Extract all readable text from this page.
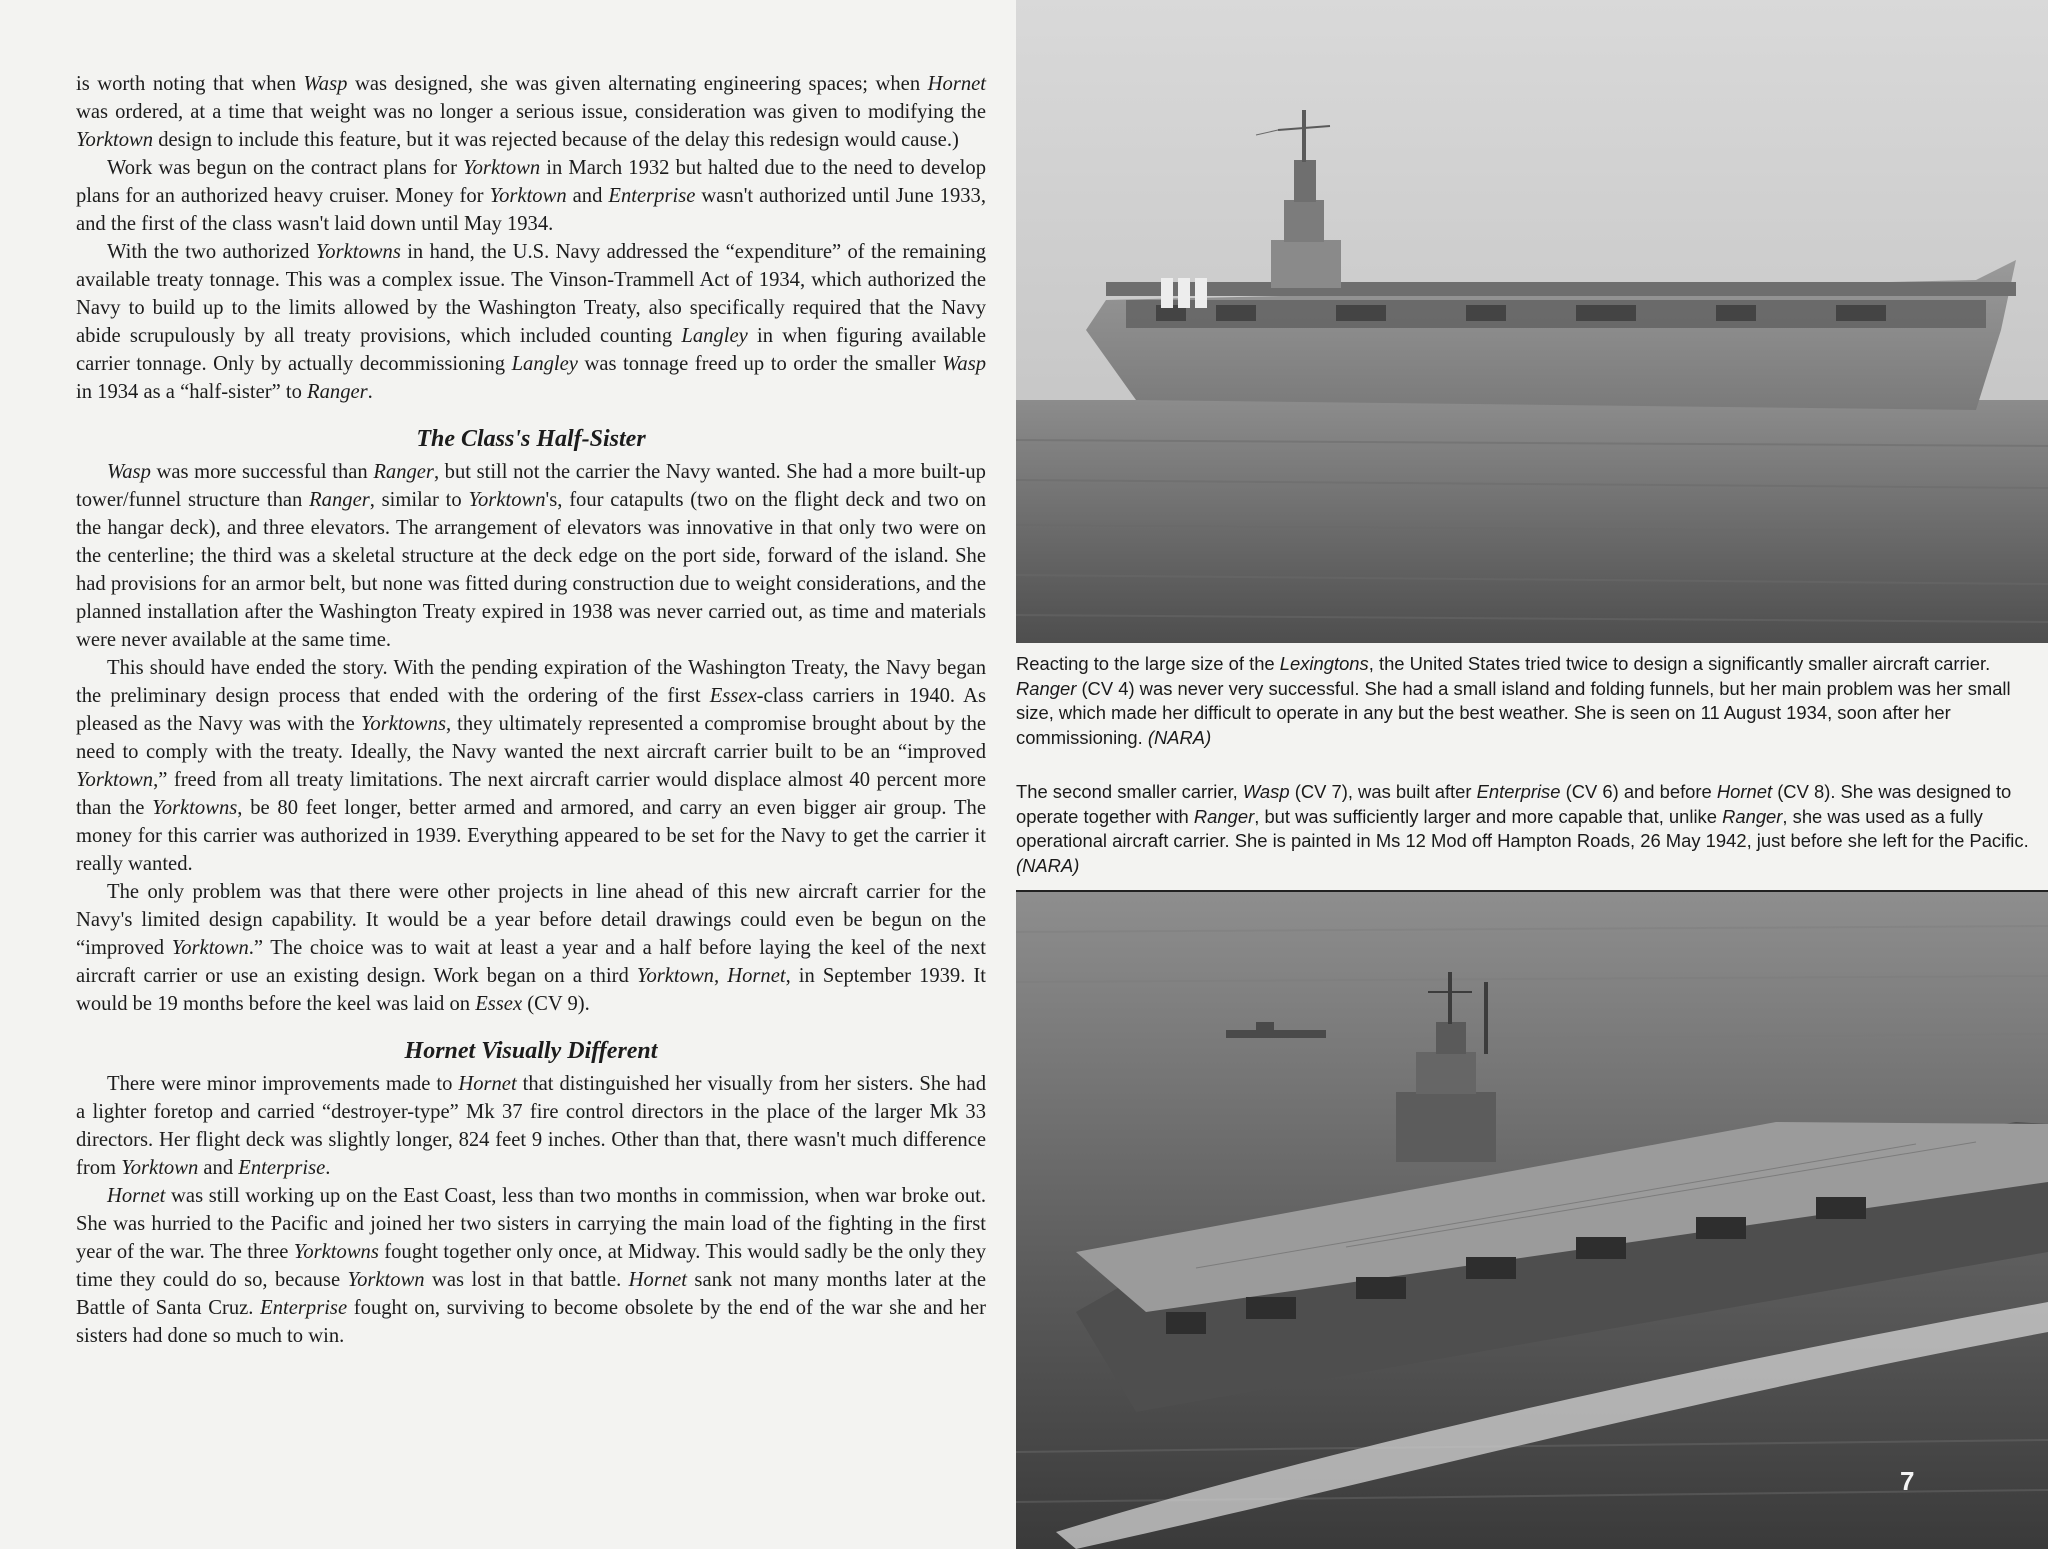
is worth noting that when Wasp was designed, she was given alternating engineering spaces; when Hornet was ordered, at a time that weight was no longer a serious issue, consideration was given to modifying the Yorktown design to include this feature, but it was rejected because of the delay this redesign would cause.)

Work was begun on the contract plans for Yorktown in March 1932 but halted due to the need to develop plans for an authorized heavy cruiser. Money for Yorktown and Enterprise wasn't authorized until June 1933, and the first of the class wasn't laid down until May 1934.

With the two authorized Yorktowns in hand, the U.S. Navy addressed the “expenditure” of the remaining available treaty tonnage. This was a complex issue. The Vinson-Trammell Act of 1934, which authorized the Navy to build up to the limits allowed by the Washington Treaty, also specifically required that the Navy abide scrupulously by all treaty provisions, which included counting Langley in when figuring available carrier tonnage. Only by actually decommissioning Langley was tonnage freed up to order the smaller Wasp in 1934 as a “half-sister” to Ranger.

The Class's Half-Sister

Wasp was more successful than Ranger, but still not the carrier the Navy wanted. She had a more built-up tower/funnel structure than Ranger, similar to Yorktown's, four catapults (two on the flight deck and two on the hangar deck), and three elevators. The arrangement of elevators was innovative in that only two were on the centerline; the third was a skeletal structure at the deck edge on the port side, forward of the island. She had provisions for an armor belt, but none was fitted during construction due to weight considerations, and the planned installation after the Washington Treaty expired in 1938 was never carried out, as time and materials were never available at the same time.

This should have ended the story. With the pending expiration of the Washington Treaty, the Navy began the preliminary design process that ended with the ordering of the first Essex-class carriers in 1940. As pleased as the Navy was with the Yorktowns, they ultimately represented a compromise brought about by the need to comply with the treaty. Ideally, the Navy wanted the next aircraft carrier built to be an “improved Yorktown,” freed from all treaty limitations. The next aircraft carrier would displace almost 40 percent more than the Yorktowns, be 80 feet longer, better armed and armored, and carry an even bigger air group. The money for this carrier was authorized in 1939. Everything appeared to be set for the Navy to get the carrier it really wanted.

The only problem was that there were other projects in line ahead of this new aircraft carrier for the Navy's limited design capability. It would be a year before detail drawings could even be begun on the “improved Yorktown.” The choice was to wait at least a year and a half before laying the keel of the next aircraft carrier or use an existing design. Work began on a third Yorktown, Hornet, in September 1939. It would be 19 months before the keel was laid on Essex (CV 9).

Hornet Visually Different

There were minor improvements made to Hornet that distinguished her visually from her sisters. She had a lighter foretop and carried “destroyer-type” Mk 37 fire control directors in the place of the larger Mk 33 directors. Her flight deck was slightly longer, 824 feet 9 inches. Other than that, there wasn't much difference from Yorktown and Enterprise.

Hornet was still working up on the East Coast, less than two months in commission, when war broke out. She was hurried to the Pacific and joined her two sisters in carrying the main load of the fighting in the first year of the war. The three Yorktowns fought together only once, at Midway. This would sadly be the only they time they could do so, because Yorktown was lost in that battle. Hornet sank not many months later at the Battle of Santa Cruz. Enterprise fought on, surviving to become obsolete by the end of the war she and her sisters had done so much to win.

Reacting to the large size of the Lexingtons, the United States tried twice to design a significantly smaller aircraft carrier. Ranger (CV 4) was never very successful. She had a small island and folding funnels, but her main problem was her small size, which made her difficult to operate in any but the best weather. She is seen on 11 August 1934, soon after her commissioning. (NARA)
The second smaller carrier, Wasp (CV 7), was built after Enterprise (CV 6) and before Hornet (CV 8). She was designed to operate together with Ranger, but was sufficiently larger and more capable that, unlike Ranger, she was used as a fully operational aircraft carrier. She is painted in Ms 12 Mod off Hampton Roads, 26 May 1942, just before she left for the Pacific. (NARA)
7
